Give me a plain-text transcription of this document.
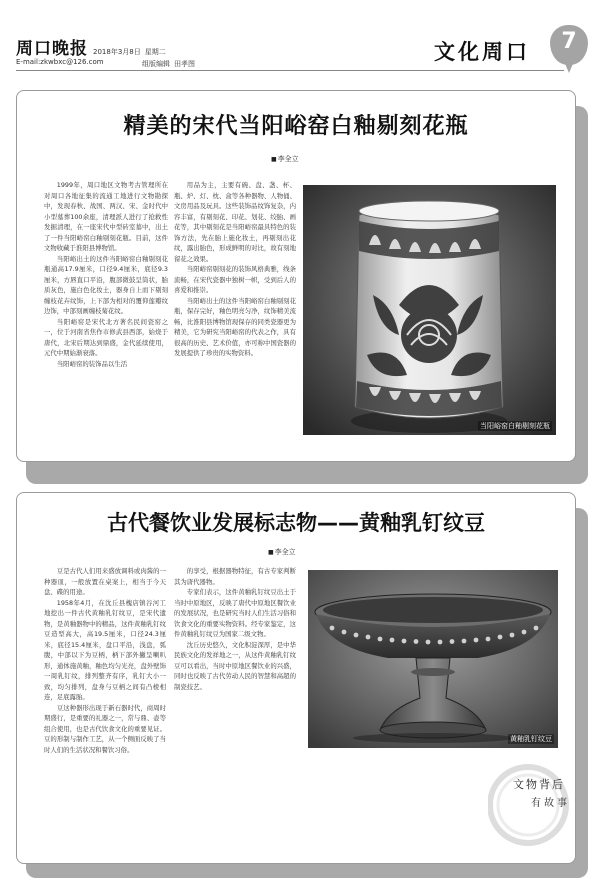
周口晚报
E-mail:zkwbxc@126.com
2018年3月8日 星期二
组版编辑 田孝图	文化周口	7
精美的宋代当阳峪窑白釉剔刻花瓶
■ 李全立

1999年，周口地区文物考古管理所在对周口各地征集的流通工地进行文物勘探中，发现春秋、战国、两汉、宋、金时代中小型墓葬100余座，清理派人进行了抢救性发掘清理，在一座宋代中型砖室墓中，出土了一件当阳峪窑白釉剔刻花瓶。目前，这件文物收藏于淮阳县博物馆。

当阳峪出土的这件当阳峪窑白釉剔刻花瓶通高17.9厘米，口径9.4厘米，底径9.3厘米，方唇直口平沿，腹部微鼓呈筒状，胎质灰色，施白色化妆土，器身自上而下剔刻缠枝花卉纹饰，上下部为相对的覆仰莲瓣纹边饰，中部刻画缠枝菊花纹。

当阳峪窑是宋代北方著名民间瓷窑之一，位于河南省焦作市修武县西部，始烧于唐代，北宋后期达到鼎盛，金代延续使用，元代中期始渐衰落。

当阳峪窑的装饰品以生活

用品为主，主要有碗、盘、盏、杯、瓶、炉、灯、枕、盒等各种器物、人物俑、文房用品及玩具。这些装饰品纹饰复杂，内容丰富，有剔刻花、印花、划花、绞胎、画花等，其中剔刻花是当阳峪窑最具特色的装饰方法，先在胎上施化妆土，再剔刻出花纹，露出胎色，形成鲜明的对比，故有刻地留花之效果。

当阳峪窑剔刻花的装饰风格典雅，线条流畅，在宋代瓷器中独树一帜，受到后人的喜爱和推崇。

当阳峪出土的这件当阳峪窑白釉剔刻花瓶，保存完好，釉色明亮匀净，纹饰精美流畅，比淮阳县博物馆现保存的同类瓷器更为精美，它为研究当阳峪窑的代表之作，具有很高的历史、艺术价值，亦可称中国瓷器的发展提供了珍贵的实物资料。

当阳峪窑白釉剔刻花瓶
古代餐饮业发展标志物——黄釉乳钉纹豆
■ 李全立

豆是古代人们用来盛放调料或肉酱的一种器皿，一般放置在桌案上，相当于今天盘、碟的用途。

1958年4月，在沈丘县槐店镇谷河工地挖出一件古代黄釉乳钉纹豆，是宋代遗物，是黄釉器物中的精品，这件黄釉乳钉纹豆造型高大，高19.5厘米，口径24.3厘米，底径15.4厘米，盘口平沿，浅盘，弧腹，中部以下为豆柄，柄下部外撇呈喇叭形，通体施黄釉，釉色均匀光亮，盘外壁饰一周乳钉纹，排列整齐有序，乳钉大小一致，均匀排列，盘身与豆柄之间有凸棱相连，足底露胎。

豆这种器形出现于新石器时代，商周时期盛行，是重要的礼器之一，常与鼎、壶等组合使用，也是古代饮食文化的重要见证。豆的形制与制作工艺，从一个侧面反映了当时人们的生活状况和餐饮习俗。

的享受，根据器物特征，有古专家判断其为唐代器物。

专家们表示，这件黄釉乳钉纹豆出土于当时中原地区，反映了唐代中原地区餐饮业的发展状况，也是研究当时人们生活习俗和饮食文化的重要实物资料。经专家鉴定，这件黄釉乳钉纹豆为国家二级文物。

沈丘历史悠久，文化积淀深厚，是中华民族文化的发祥地之一，从这件黄釉乳钉纹豆可以看出，当时中原地区餐饮业的兴盛，同时也反映了古代劳动人民的智慧和高超的制瓷技艺。

黄釉乳钉纹豆
文物背后
有故事
